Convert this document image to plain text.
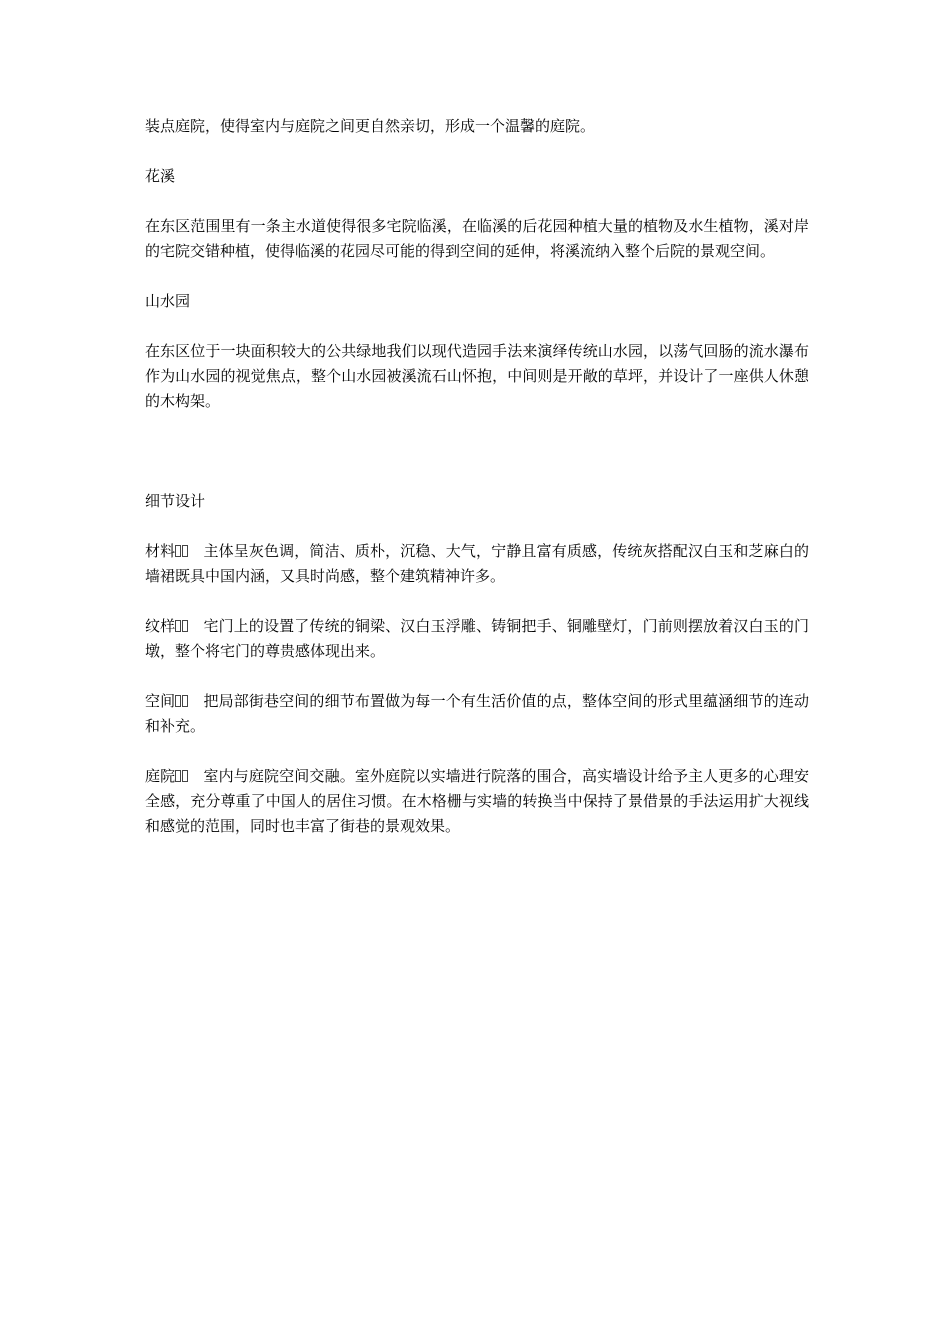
装点庭院，使得室内与庭院之间更自然亲切，形成一个温馨的庭院。

花溪

在东区范围里有一条主水道使得很多宅院临溪，在临溪的后花园种植大量的植物及水生植物，溪对岸的宅院交错种植，使得临溪的花园尽可能的得到空间的延伸，将溪流纳入整个后院的景观空间。

山水园

在东区位于一块面积较大的公共绿地我们以现代造园手法来演绎传统山水园，以荡气回肠的流水瀑布作为山水园的视觉焦点，整个山水园被溪流石山怀抱，中间则是开敞的草坪，并设计了一座供人休憩的木构架。

细节设计

材料 主体呈灰色调，简洁、质朴，沉稳、大气，宁静且富有质感，传统灰搭配汉白玉和芝麻白的墙裙既具中国内涵，又具时尚感，整个建筑精神许多。

纹样 宅门上的设置了传统的铜梁、汉白玉浮雕、铸铜把手、铜雕壁灯，门前则摆放着汉白玉的门墩，整个将宅门的尊贵感体现出来。

空间 把局部街巷空间的细节布置做为每一个有生活价值的点，整体空间的形式里蕴涵细节的连动和补充。

庭院 室内与庭院空间交融。室外庭院以实墙进行院落的围合，高实墙设计给予主人更多的心理安全感，充分尊重了中国人的居住习惯。在木格栅与实墙的转换当中保持了景借景的手法运用扩大视线和感觉的范围，同时也丰富了街巷的景观效果。
